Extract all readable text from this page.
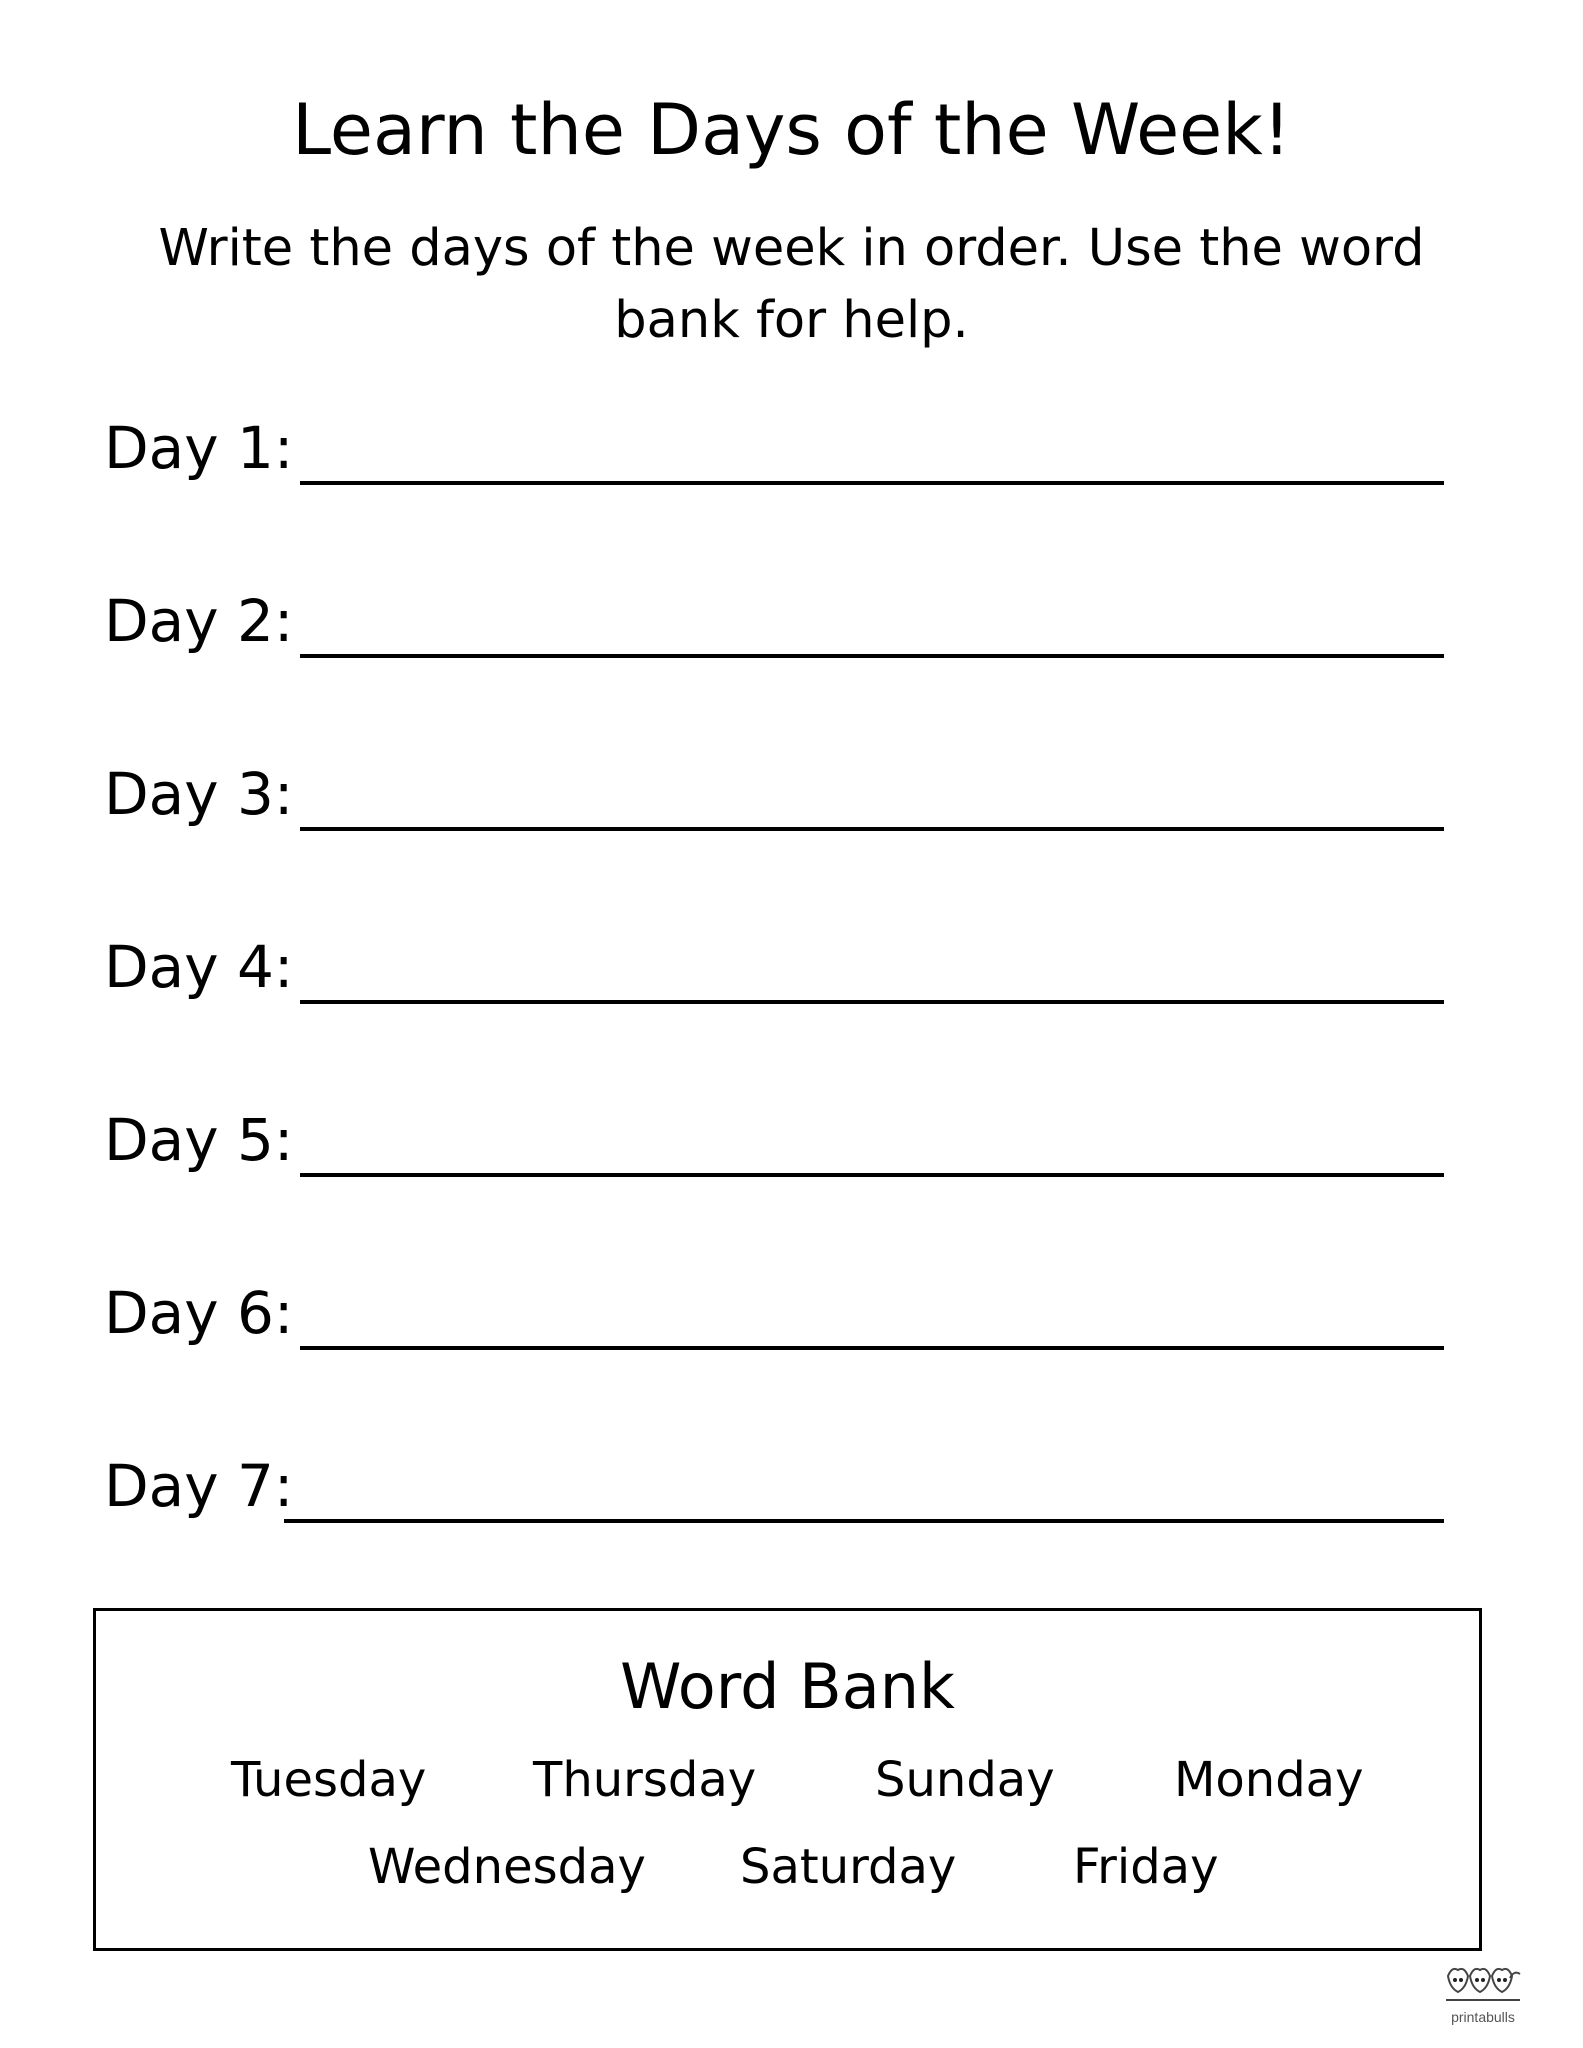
Learn the Days of the Week!
Write the days of the week in order. Use the word bank for help.
Day 1:
Day 2:
Day 3:
Day 4:
Day 5:
Day 6:
Day 7:
Word Bank
Tuesday Thursday Sunday Monday
Wednesday Saturday Friday
printabulls
